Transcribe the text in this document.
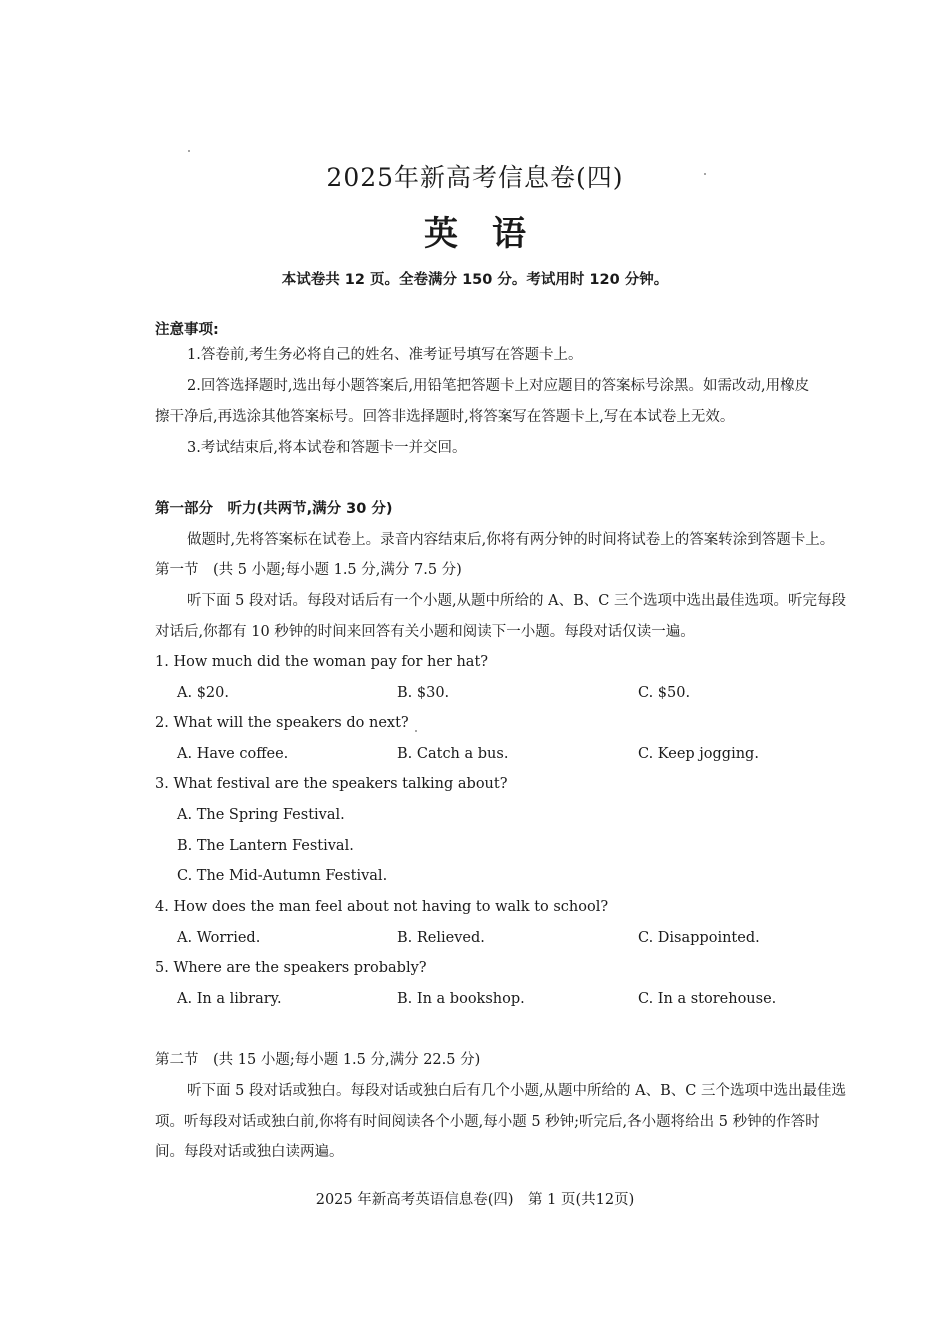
2025年新高考信息卷(四)
英语
本试卷共 12 页。全卷满分 150 分。考试用时 120 分钟。
注意事项:
1.答卷前,考生务必将自己的姓名、准考证号填写在答题卡上。
2.回答选择题时,选出每小题答案后,用铅笔把答题卡上对应题目的答案标号涂黑。如需改动,用橡皮
擦干净后,再选涂其他答案标号。回答非选择题时,将答案写在答题卡上,写在本试卷上无效。
3.考试结束后,将本试卷和答题卡一并交回。
第一部分　听力(共两节,满分 30 分)
做题时,先将答案标在试卷上。录音内容结束后,你将有两分钟的时间将试卷上的答案转涂到答题卡上。
第一节　(共 5 小题;每小题 1.5 分,满分 7.5 分)
听下面 5 段对话。每段对话后有一个小题,从题中所给的 A、B、C 三个选项中选出最佳选项。听完每段
对话后,你都有 10 秒钟的时间来回答有关小题和阅读下一小题。每段对话仅读一遍。
1. How much did the woman pay for her hat?
A. $20.	B. $30.	C. $50.
2. What will the speakers do next?
A. Have coffee.	B. Catch a bus.	C. Keep jogging.
3. What festival are the speakers talking about?
A. The Spring Festival.
B. The Lantern Festival.
C. The Mid-Autumn Festival.
4. How does the man feel about not having to walk to school?
A. Worried.	B. Relieved.	C. Disappointed.
5. Where are the speakers probably?
A. In a library.	B. In a bookshop.	C. In a storehouse.
第二节　(共 15 小题;每小题 1.5 分,满分 22.5 分)
听下面 5 段对话或独白。每段对话或独白后有几个小题,从题中所给的 A、B、C 三个选项中选出最佳选
项。听每段对话或独白前,你将有时间阅读各个小题,每小题 5 秒钟;听完后,各小题将给出 5 秒钟的作答时
间。每段对话或独白读两遍。
2025 年新高考英语信息卷(四)　第 1 页(共12页)
